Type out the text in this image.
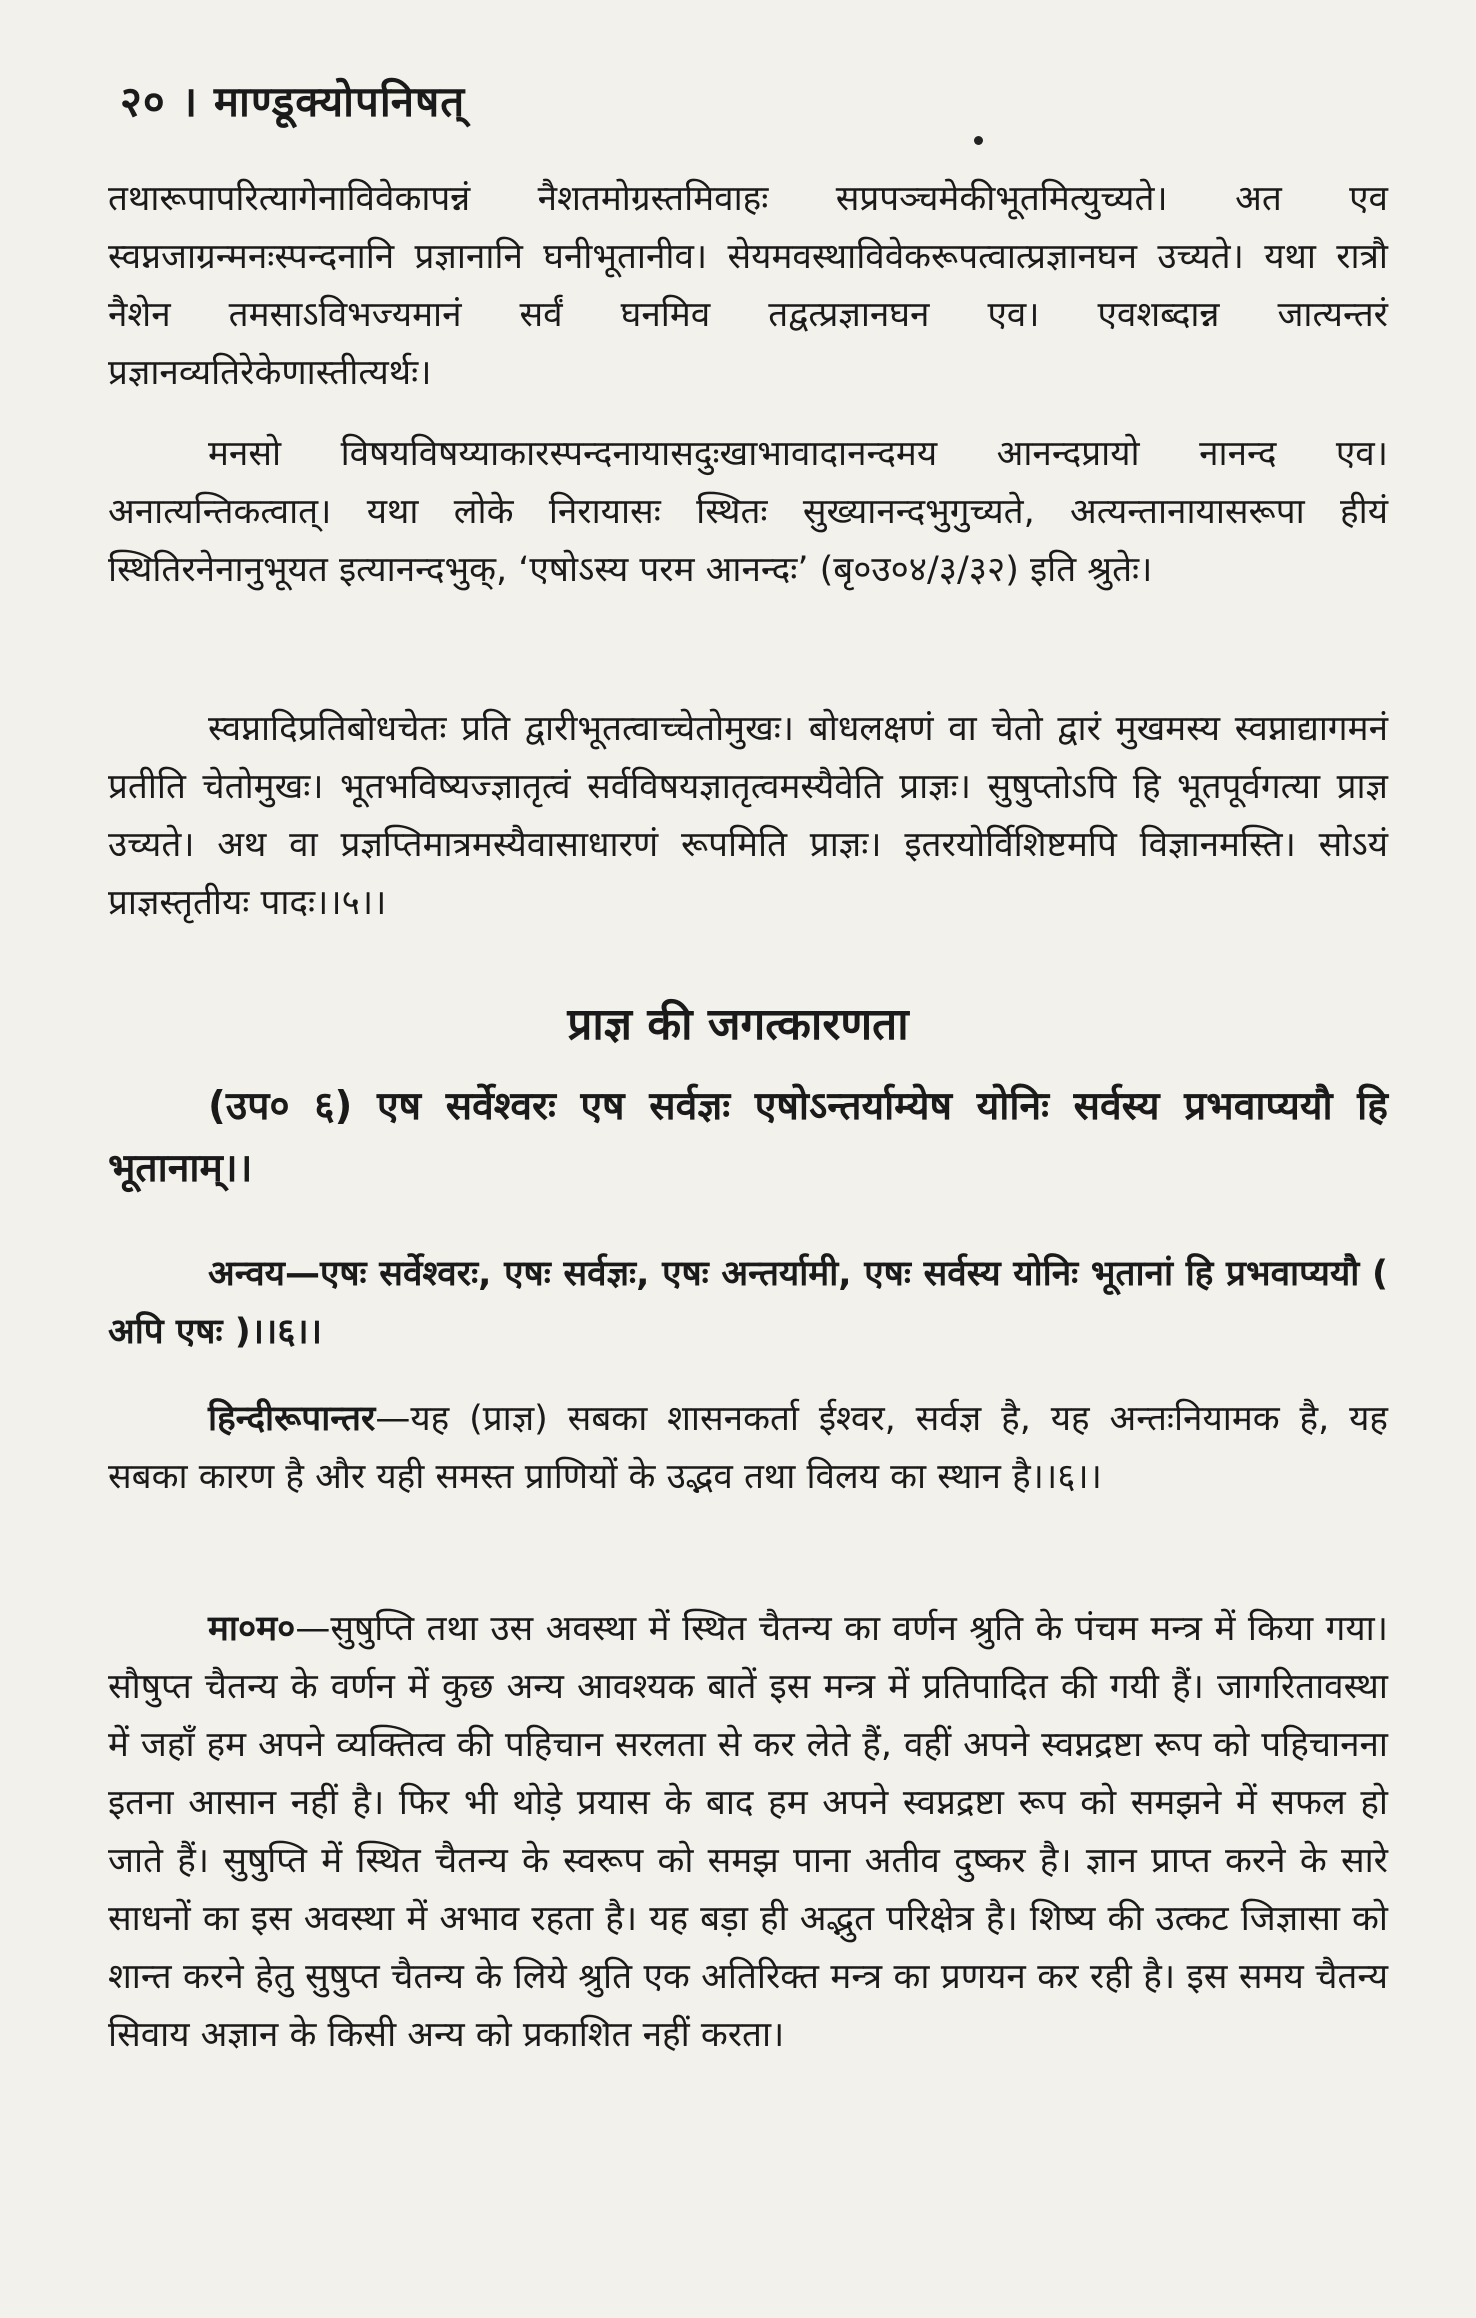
२० । माण्डूक्योपनिषत्
तथारूपापरित्यागेनाविवेकापन्नं नैशतमोग्रस्तमिवाहः सप्रपञ्चमेकीभूतमित्युच्यते। अत एव स्वप्नजाग्रन्मनःस्पन्दनानि प्रज्ञानानि घनीभूतानीव। सेयमवस्थाविवेकरूपत्वात्प्रज्ञानघन उच्यते। यथा रात्रौ नैशेन तमसाऽविभज्यमानं सर्वं घनमिव तद्वत्प्रज्ञानघन एव। एवशब्दान्न जात्यन्तरं प्रज्ञानव्यतिरेकेणास्तीत्यर्थः।
मनसो विषयविषय्याकारस्पन्दनायासदुःखाभावादानन्दमय आनन्दप्रायो नानन्द एव। अनात्यन्तिकत्वात्। यथा लोके निरायासः स्थितः सुख्यानन्दभुगुच्यते, अत्यन्तानायासरूपा हीयं स्थितिरनेनानुभूयत इत्यानन्दभुक्, ‘एषोऽस्य परम आनन्दः’ (बृ०उ०४/३/३२) इति श्रुतेः।
स्वप्नादिप्रतिबोधचेतः प्रति द्वारीभूतत्वाच्चेतोमुखः। बोधलक्षणं वा चेतो द्वारं मुखमस्य स्वप्नाद्यागमनं प्रतीति चेतोमुखः। भूतभविष्यज्ज्ञातृत्वं सर्वविषयज्ञातृत्वमस्यैवेति प्राज्ञः। सुषुप्तोऽपि हि भूतपूर्वगत्या प्राज्ञ उच्यते। अथ वा प्रज्ञप्तिमात्रमस्यैवासाधारणं रूपमिति प्राज्ञः। इतरयोर्विशिष्टमपि विज्ञानमस्ति। सोऽयं प्राज्ञस्तृतीयः पादः।।५।।
प्राज्ञ की जगत्कारणता
(उप० ६) एष सर्वेश्वरः एष सर्वज्ञः एषोऽन्तर्याम्येष योनिः सर्वस्य प्रभवाप्ययौ हि भूतानाम्।।
अन्वय—एषः सर्वेश्वरः, एषः सर्वज्ञः, एषः अन्तर्यामी, एषः सर्वस्य योनिः भूतानां हि प्रभवाप्ययौ ( अपि एषः )।।६।।
हिन्दीरूपान्तर—यह (प्राज्ञ) सबका शासनकर्ता ईश्वर, सर्वज्ञ है, यह अन्तःनियामक है, यह सबका कारण है और यही समस्त प्राणियों के उद्भव तथा विलय का स्थान है।।६।।
मा०म०—सुषुप्ति तथा उस अवस्था में स्थित चैतन्य का वर्णन श्रुति के पंचम मन्त्र में किया गया। सौषुप्त चैतन्य के वर्णन में कुछ अन्य आवश्यक बातें इस मन्त्र में प्रतिपादित की गयी हैं। जागरितावस्था में जहाँ हम अपने व्यक्तित्व की पहिचान सरलता से कर लेते हैं, वहीं अपने स्वप्नद्रष्टा रूप को पहिचानना इतना आसान नहीं है। फिर भी थोड़े प्रयास के बाद हम अपने स्वप्नद्रष्टा रूप को समझने में सफल हो जाते हैं। सुषुप्ति में स्थित चैतन्य के स्वरूप को समझ पाना अतीव दुष्कर है। ज्ञान प्राप्त करने के सारे साधनों का इस अवस्था में अभाव रहता है। यह बड़ा ही अद्भुत परिक्षेत्र है। शिष्य की उत्कट जिज्ञासा को शान्त करने हेतु सुषुप्त चैतन्य के लिये श्रुति एक अतिरिक्त मन्त्र का प्रणयन कर रही है। इस समय चैतन्य सिवाय अज्ञान के किसी अन्य को प्रकाशित नहीं करता।
